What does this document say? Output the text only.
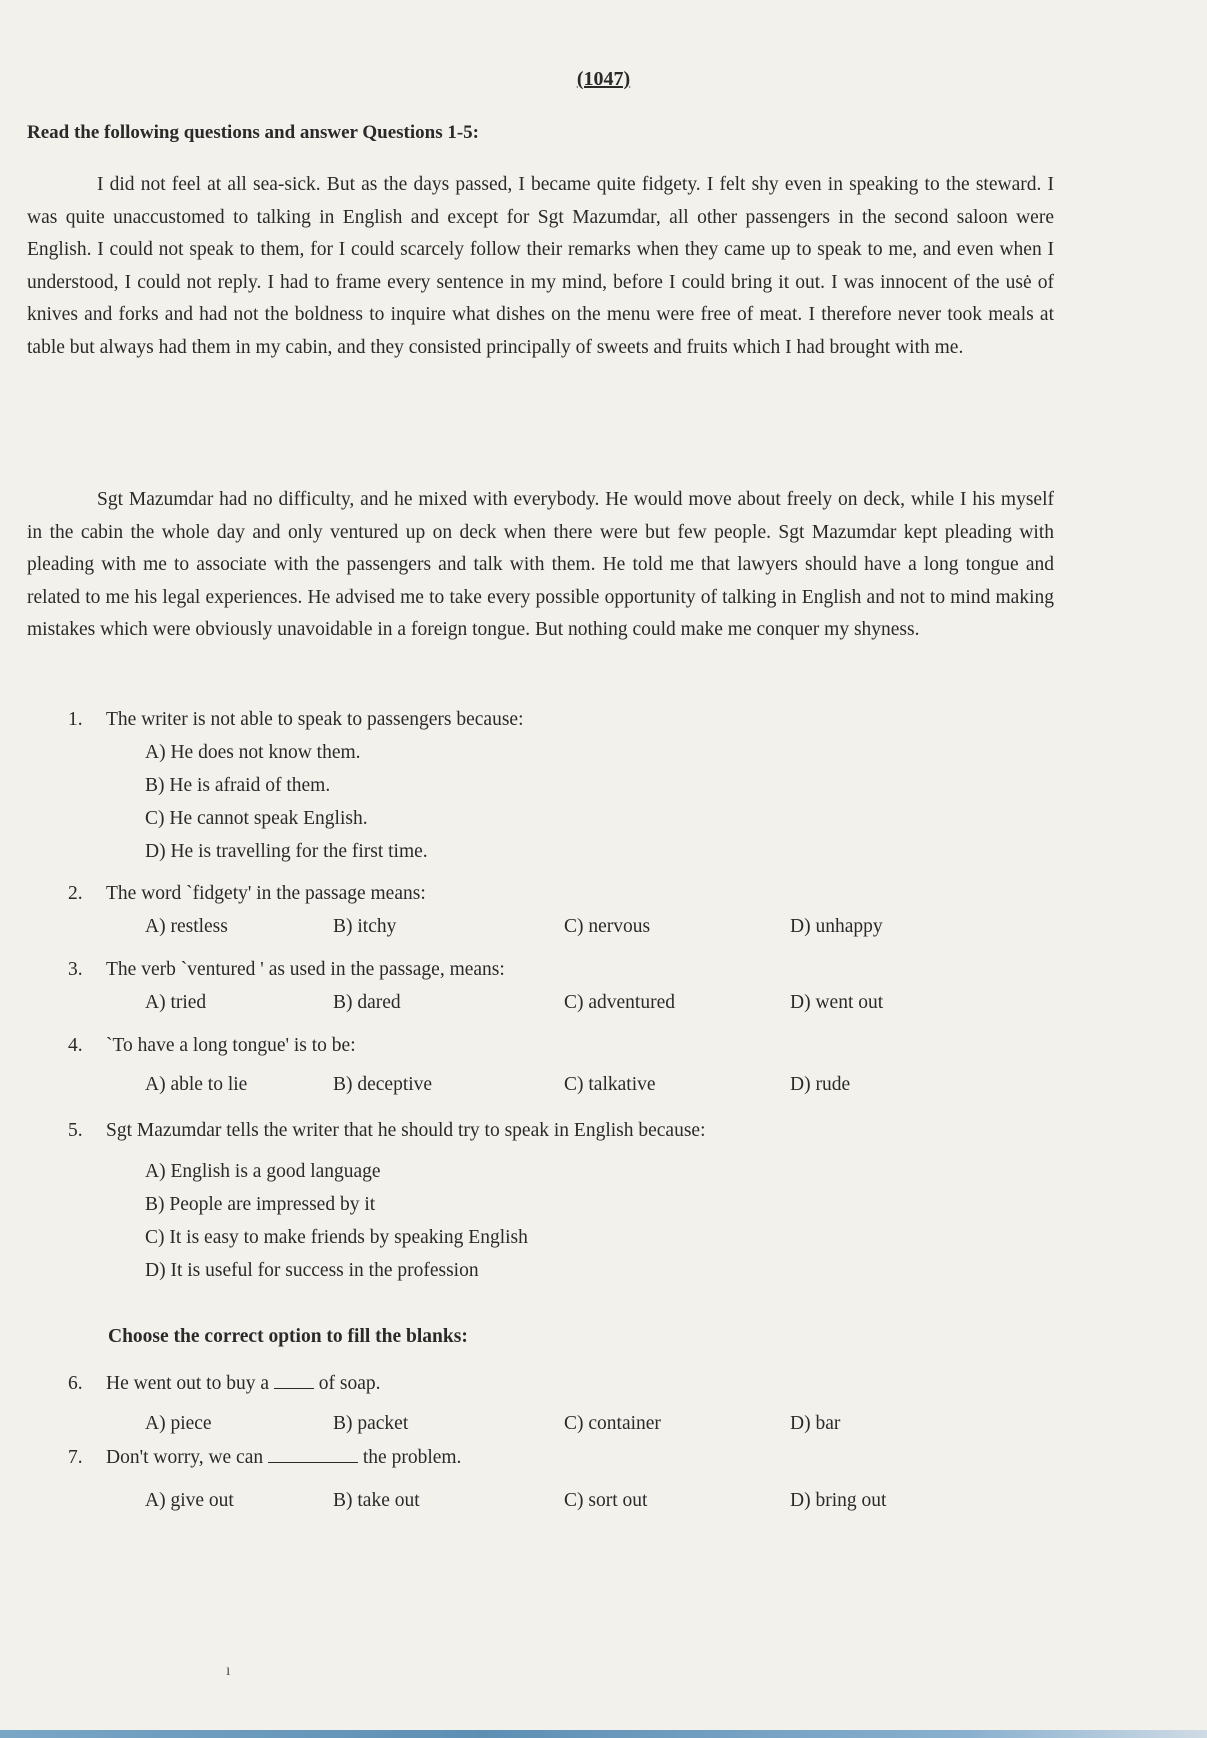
(1047)
Read the following questions and answer Questions 1-5:

I did not feel at all sea-sick. But as the days passed, I became quite fidgety. I felt shy even in speaking to the steward. I was quite unaccustomed to talking in English and except for Sgt Mazumdar, all other passengers in the second saloon were English. I could not speak to them, for I could scarcely follow their remarks when they came up to speak to me, and even when I understood, I could not reply. I had to frame every sentence in my mind, before I could bring it out. I was innocent of the usė of knives and forks and had not the boldness to inquire what dishes on the menu were free of meat. I therefore never took meals at table but always had them in my cabin, and they consisted principally of sweets and fruits which I had brought with me.

Sgt Mazumdar had no difficulty, and he mixed with everybody. He would move about freely on deck, while I his myself in the cabin the whole day and only ventured up on deck when there were but few people. Sgt Mazumdar kept pleading with pleading with me to associate with the passengers and talk with them. He told me that lawyers should have a long tongue and related to me his legal experiences. He advised me to take every possible opportunity of talking in English and not to mind making mistakes which were obviously unavoidable in a foreign tongue. But nothing could make me conquer my shyness.

1. The writer is not able to speak to passengers because:
A) He does not know them.
B) He is afraid of them.
C) He cannot speak English.
D) He is travelling for the first time.
2. The word `fidgety' in the passage means:
A) restless	B) itchy	C) nervous	D) unhappy
3. The verb `ventured ' as used in the passage, means:
A) tried	B) dared	C) adventured	D) went out
4. `To have a long tongue' is to be:
A) able to lie	B) deceptive	C) talkative	D) rude
5. Sgt Mazumdar tells the writer that he should try to speak in English because:
A) English is a good language
B) People are impressed by it
C) It is easy to make friends by speaking English
D) It is useful for success in the profession
Choose the correct option to fill the blanks:
6. He went out to buy a	of soap.
A) piece	B) packet	C) container	D) bar
7. Don't worry, we can	the problem.
A) give out	B) take out	C) sort out	D) bring out
ı
